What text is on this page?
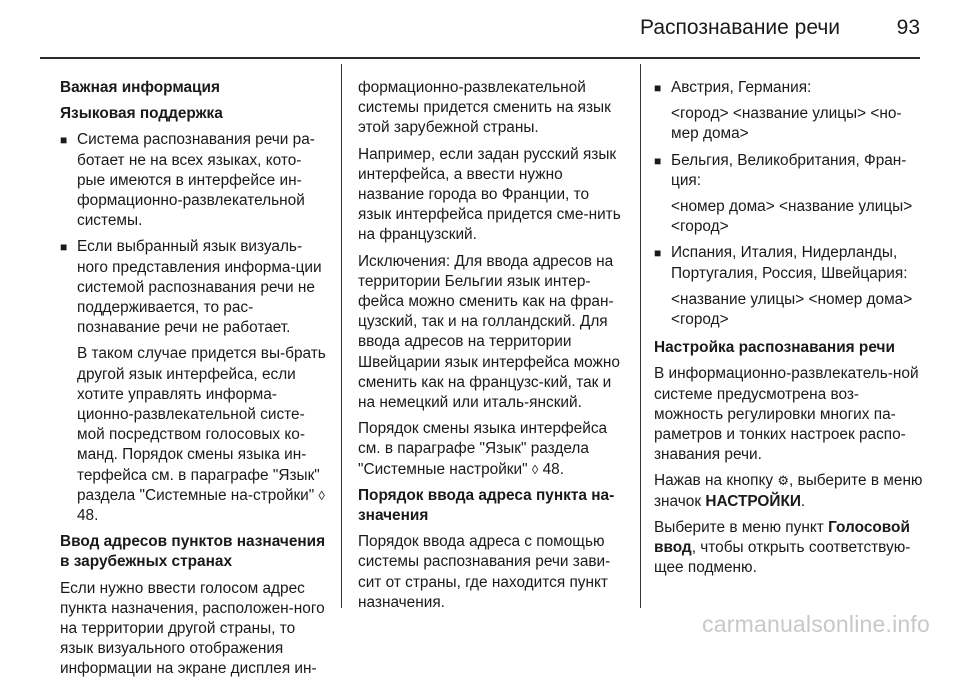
Распознавание речи	93

Важная информация

Языковая поддержка

■ Система распознавания речи ра-ботает не на всех языках, кото-рые имеются в интерфейсе ин-формационно-развлекательной системы.
■ Если выбранный язык визуаль-ного представления информа-ции системой распознавания речи не поддерживается, то рас-познавание речи не работает.

В таком случае придется вы-брать другой язык интерфейса, если хотите управлять информа-ционно-развлекательной систе-мой посредством голосовых ко-манд. Порядок смены языка ин-терфейса см. в параграфе "Язык" раздела "Системные на-стройки" ◊ 48.

Ввод адресов пунктов назначения в зарубежных странах

Если нужно ввести голосом адрес пункта назначения, расположен-ного на территории другой страны, то язык визуального отображения информации на экране дисплея ин-

формационно-развлекательной системы придется сменить на язык этой зарубежной страны.

Например, если задан русский язык интерфейса, а ввести нужно название города во Франции, то язык интерфейса придется сме-нить на французский.

Исключения: Для ввода адресов на территории Бельгии язык интер-фейса можно сменить как на фран-цузский, так и на голландский. Для ввода адресов на территории Швейцарии язык интерфейса можно сменить как на французс-кий, так и на немецкий или италь-янский.

Порядок смены языка интерфейса см. в параграфе "Язык" раздела "Системные настройки" ◊ 48.

Порядок ввода адреса пункта на-значения

Порядок ввода адреса с помощью системы распознавания речи зави-сит от страны, где находится пункт назначения.

■ Австрия, Германия:

<город> <название улицы> <но-мер дома>

■ Бельгия, Великобритания, Фран-ция:

<номер дома> <название улицы> <город>

■ Испания, Италия, Нидерланды, Португалия, Россия, Швейцария:

<название улицы> <номер дома> <город>

Настройка распознавания речи

В информационно-развлекатель-ной системе предусмотрена воз-можность регулировки многих па-раметров и тонких настроек распо-знавания речи.

Нажав на кнопку ⚙, выберите в меню значок НАСТРОЙКИ.

Выберите в меню пункт Голосовой ввод, чтобы открыть соответствую-щее подменю.

carmanualsonline.info
